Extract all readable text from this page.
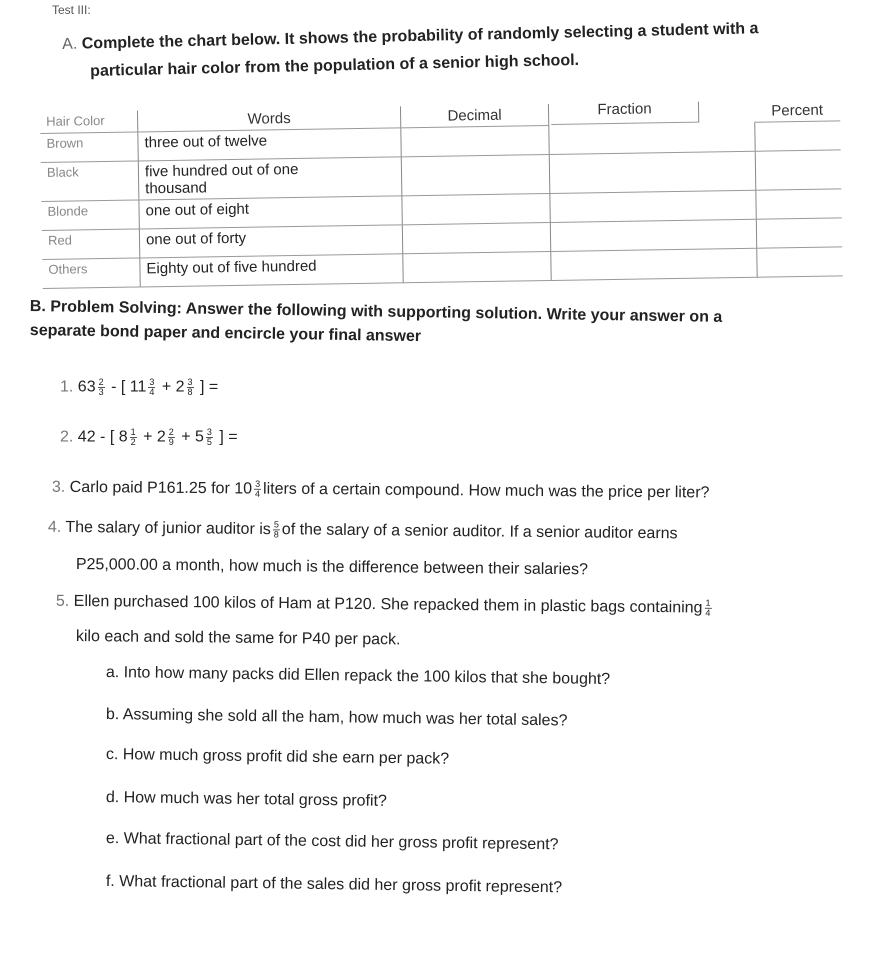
Test III:
A. Complete the chart below. It shows the probability of randomly selecting a student with a
particular hair color from the population of a senior high school.
Hair Color	Words	Decimal		Fraction	Percent
Brown	three out of twelve			
Black	five hundred out of one
thousand			

Blonde	one out of eight			
Red	one out of forty			
Others	Eighty out of five hundred			
B. Problem Solving: Answer the following with supporting solution. Write your answer on a
separate bond paper and encircle your final answer
1. $63 \frac{2}{3}$ - [ $11 \frac{3}{4} + 2 \frac{3}{8}$ ] =
2. 42 - [ $8 \frac{1}{2} + 2 \frac{2}{9} + 5 \frac{3}{5}$ ] =
3. Carlo paid P161.25 for $10 \frac{3}{4}$ liters of a certain compound. How much was the price per liter?
4. The salary of junior auditor is $\frac{5}{8}$ of the salary of a senior auditor. If a senior auditor earns
P25,000.00 a month, how much is the difference between their salaries?
5. Ellen purchased 100 kilos of Ham at P120. She repacked them in plastic bags containing $\frac{1}{4}$
kilo each and sold the same for P40 per pack.
a. Into how many packs did Ellen repack the 100 kilos that she bought?
b. Assuming she sold all the ham, how much was her total sales?
c. How much gross profit did she earn per pack?
d. How much was her total gross profit?
e. What fractional part of the cost did her gross profit represent?
f. What fractional part of the sales did her gross profit represent?
